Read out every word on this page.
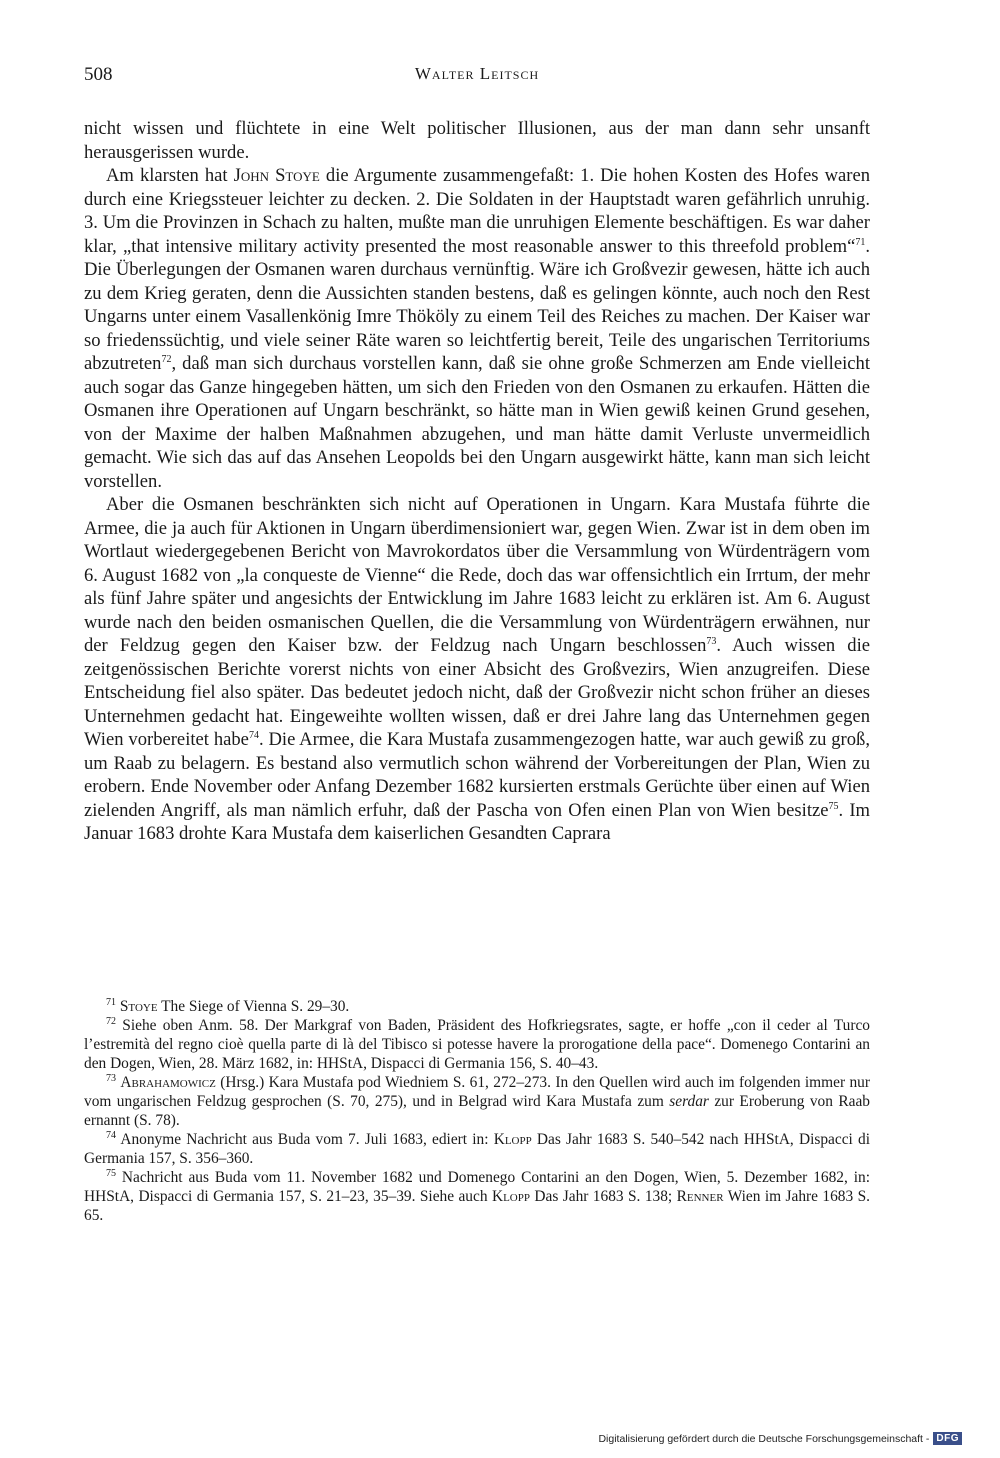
508	Walter Leitsch

nicht wissen und flüchtete in eine Welt politischer Illusionen, aus der man dann sehr unsanft herausgerissen wurde.

Am klarsten hat John Stoye die Argumente zusammengefaßt: 1. Die hohen Kosten des Hofes waren durch eine Kriegssteuer leichter zu decken. 2. Die Soldaten in der Hauptstadt waren gefährlich unruhig. 3. Um die Provinzen in Schach zu halten, mußte man die unruhigen Elemente beschäftigen. Es war daher klar, „that intensive military activity presented the most reasonable answer to this threefold problem“$^{71}$. Die Überlegungen der Osmanen waren durchaus vernünftig. Wäre ich Großvezir gewesen, hätte ich auch zu dem Krieg geraten, denn die Aussichten standen bestens, daß es gelingen könnte, auch noch den Rest Ungarns unter einem Vasallenkönig Imre Thököly zu einem Teil des Reiches zu machen. Der Kaiser war so friedenssüchtig, und viele seiner Räte waren so leichtfertig bereit, Teile des ungarischen Territoriums abzutreten$^{72}$, daß man sich durchaus vorstellen kann, daß sie ohne große Schmerzen am Ende vielleicht auch sogar das Ganze hingegeben hätten, um sich den Frieden von den Osmanen zu erkaufen. Hätten die Osmanen ihre Operationen auf Ungarn beschränkt, so hätte man in Wien gewiß keinen Grund gesehen, von der Maxime der halben Maßnahmen abzugehen, und man hätte damit Verluste unvermeidlich gemacht. Wie sich das auf das Ansehen Leopolds bei den Ungarn ausgewirkt hätte, kann man sich leicht vorstellen.

Aber die Osmanen beschränkten sich nicht auf Operationen in Ungarn. Kara Mustafa führte die Armee, die ja auch für Aktionen in Ungarn überdimensioniert war, gegen Wien. Zwar ist in dem oben im Wortlaut wiedergegebenen Bericht von Mavrokordatos über die Versammlung von Würdenträgern vom 6. August 1682 von „la conqueste de Vienne“ die Rede, doch das war offensichtlich ein Irrtum, der mehr als fünf Jahre später und angesichts der Entwicklung im Jahre 1683 leicht zu erklären ist. Am 6. August wurde nach den beiden osmanischen Quellen, die die Versammlung von Würdenträgern erwähnen, nur der Feldzug gegen den Kaiser bzw. der Feldzug nach Ungarn beschlossen$^{73}$. Auch wissen die zeitgenössischen Berichte vorerst nichts von einer Absicht des Großvezirs, Wien anzugreifen. Diese Entscheidung fiel also später. Das bedeutet jedoch nicht, daß der Großvezir nicht schon früher an dieses Unternehmen gedacht hat. Eingeweihte wollten wissen, daß er drei Jahre lang das Unternehmen gegen Wien vorbereitet habe$^{74}$. Die Armee, die Kara Mustafa zusammengezogen hatte, war auch gewiß zu groß, um Raab zu belagern. Es bestand also vermutlich schon während der Vorbereitungen der Plan, Wien zu erobern. Ende November oder Anfang Dezember 1682 kursierten erstmals Gerüchte über einen auf Wien zielenden Angriff, als man nämlich erfuhr, daß der Pascha von Ofen einen Plan von Wien besitze$^{75}$. Im Januar 1683 drohte Kara Mustafa dem kaiserlichen Gesandten Caprara

$^{71}$ Stoye The Siege of Vienna S. 29–30.

$^{72}$ Siehe oben Anm. 58. Der Markgraf von Baden, Präsident des Hofkriegsrates, sagte, er hoffe „con il ceder al Turco l’estremità del regno cioè quella parte di là del Tibisco si potesse havere la prorogatione della pace“. Domenego Contarini an den Dogen, Wien, 28. März 1682, in: HHStA, Dispacci di Germania 156, S. 40–43.

$^{73}$ Abrahamowicz (Hrsg.) Kara Mustafa pod Wiedniem S. 61, 272–273. In den Quellen wird auch im folgenden immer nur vom ungarischen Feldzug gesprochen (S. 70, 275), und in Belgrad wird Kara Mustafa zum serdar zur Eroberung von Raab ernannt (S. 78).

$^{74}$ Anonyme Nachricht aus Buda vom 7. Juli 1683, ediert in: Klopp Das Jahr 1683 S. 540–542 nach HHStA, Dispacci di Germania 157, S. 356–360.

$^{75}$ Nachricht aus Buda vom 11. November 1682 und Domenego Contarini an den Dogen, Wien, 5. Dezember 1682, in: HHStA, Dispacci di Germania 157, S. 21–23, 35–39. Siehe auch Klopp Das Jahr 1683 S. 138; Renner Wien im Jahre 1683 S. 65.

Digitalisierung gefördert durch die Deutsche Forschungsgemeinschaft - DFG
